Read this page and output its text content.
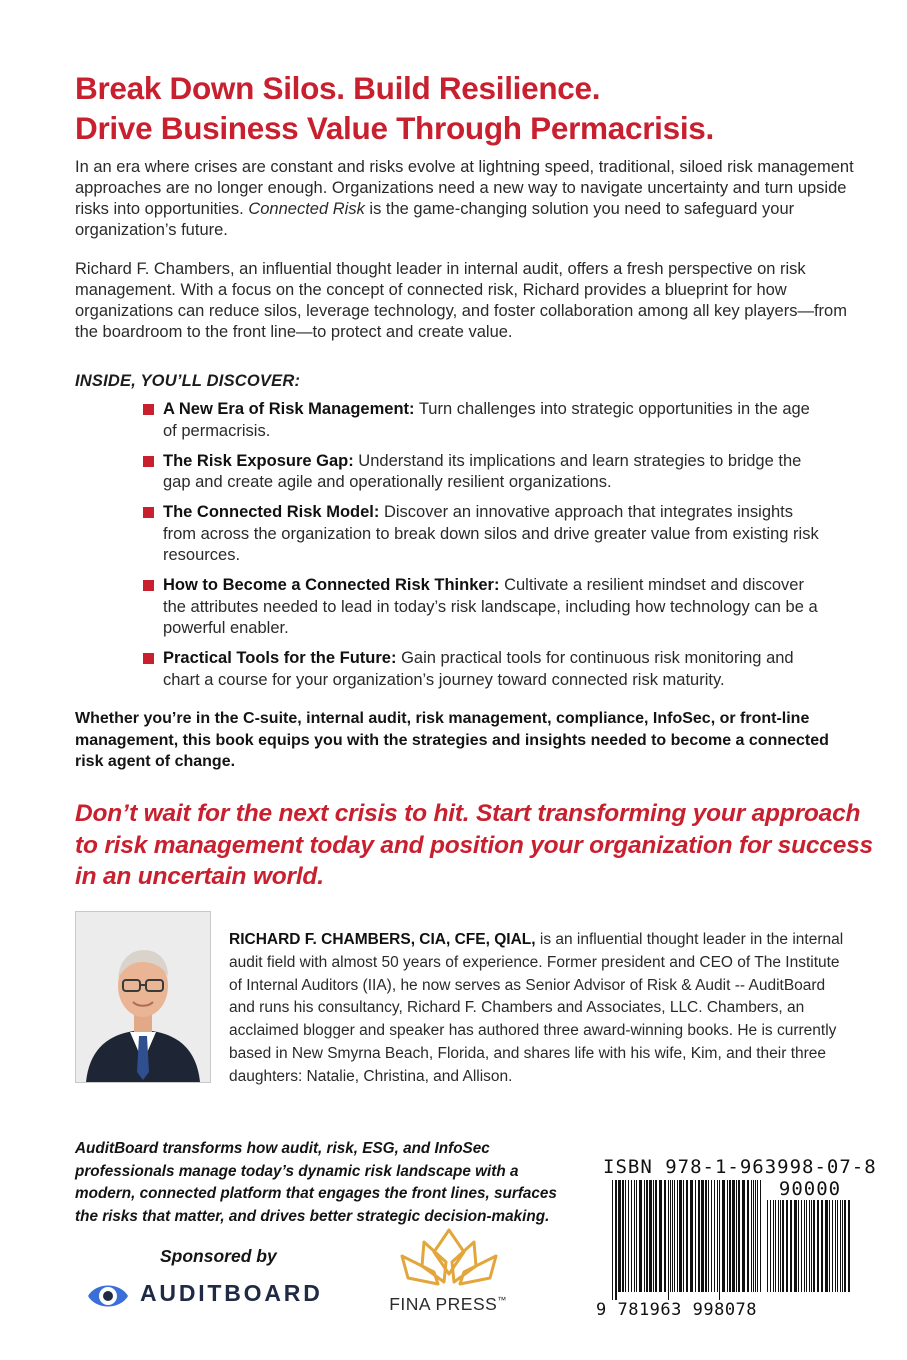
Break Down Silos. Build Resilience.
Drive Business Value Through Permacrisis.

In an era where crises are constant and risks evolve at lightning speed, traditional, siloed risk management approaches are no longer enough. Organizations need a new way to navigate uncertainty and turn upside risks into opportunities. Connected Risk is the game-changing solution you need to safeguard your organization’s future.

Richard F. Chambers, an influential thought leader in internal audit, offers a fresh perspective on risk management. With a focus on the concept of connected risk, Richard provides a blueprint for how organizations can reduce silos, leverage technology, and foster collaboration among all key players—from the boardroom to the front line—to protect and create value.

INSIDE, YOU’LL DISCOVER:

A New Era of Risk Management: Turn challenges into strategic opportunities in the age of permacrisis.
The Risk Exposure Gap: Understand its implications and learn strategies to bridge the gap and create agile and operationally resilient organizations.
The Connected Risk Model: Discover an innovative approach that integrates insights from across the organization to break down silos and drive greater value from existing risk resources.
How to Become a Connected Risk Thinker: Cultivate a resilient mindset and discover the attributes needed to lead in today’s risk landscape, including how technology can be a powerful enabler.
Practical Tools for the Future: Gain practical tools for continuous risk monitoring and chart a course for your organization’s journey toward connected risk maturity.

Whether you’re in the C-suite, internal audit, risk management, compliance, InfoSec, or front-line management, this book equips you with the strategies and insights needed to become a connected risk agent of change.

Don’t wait for the next crisis to hit. Start transforming your approach to risk management today and position your organization for success in an uncertain world.

RICHARD F. CHAMBERS, CIA, CFE, QIAL, is an influential thought leader in the internal audit field with almost 50 years of experience. Former president and CEO of The Institute of Internal Auditors (IIA), he now serves as Senior Advisor of Risk & Audit -- AuditBoard and runs his consultancy, Richard F. Chambers and Associates, LLC. Chambers, an acclaimed blogger and speaker has authored three award-winning books. He is currently based in New Smyrna Beach, Florida, and shares life with his wife, Kim, and their three daughters: Natalie, Christina, and Allison.

AuditBoard transforms how audit, risk, ESG, and InfoSec professionals manage today’s dynamic risk landscape with a modern, connected platform that engages the front lines, surfaces the risks that matter, and drives better strategic decision-making.

Sponsored by

AUDITBOARD	FINA PRESS™

ISBN 978-1-963998-07-8

90000

9 781963 998078
